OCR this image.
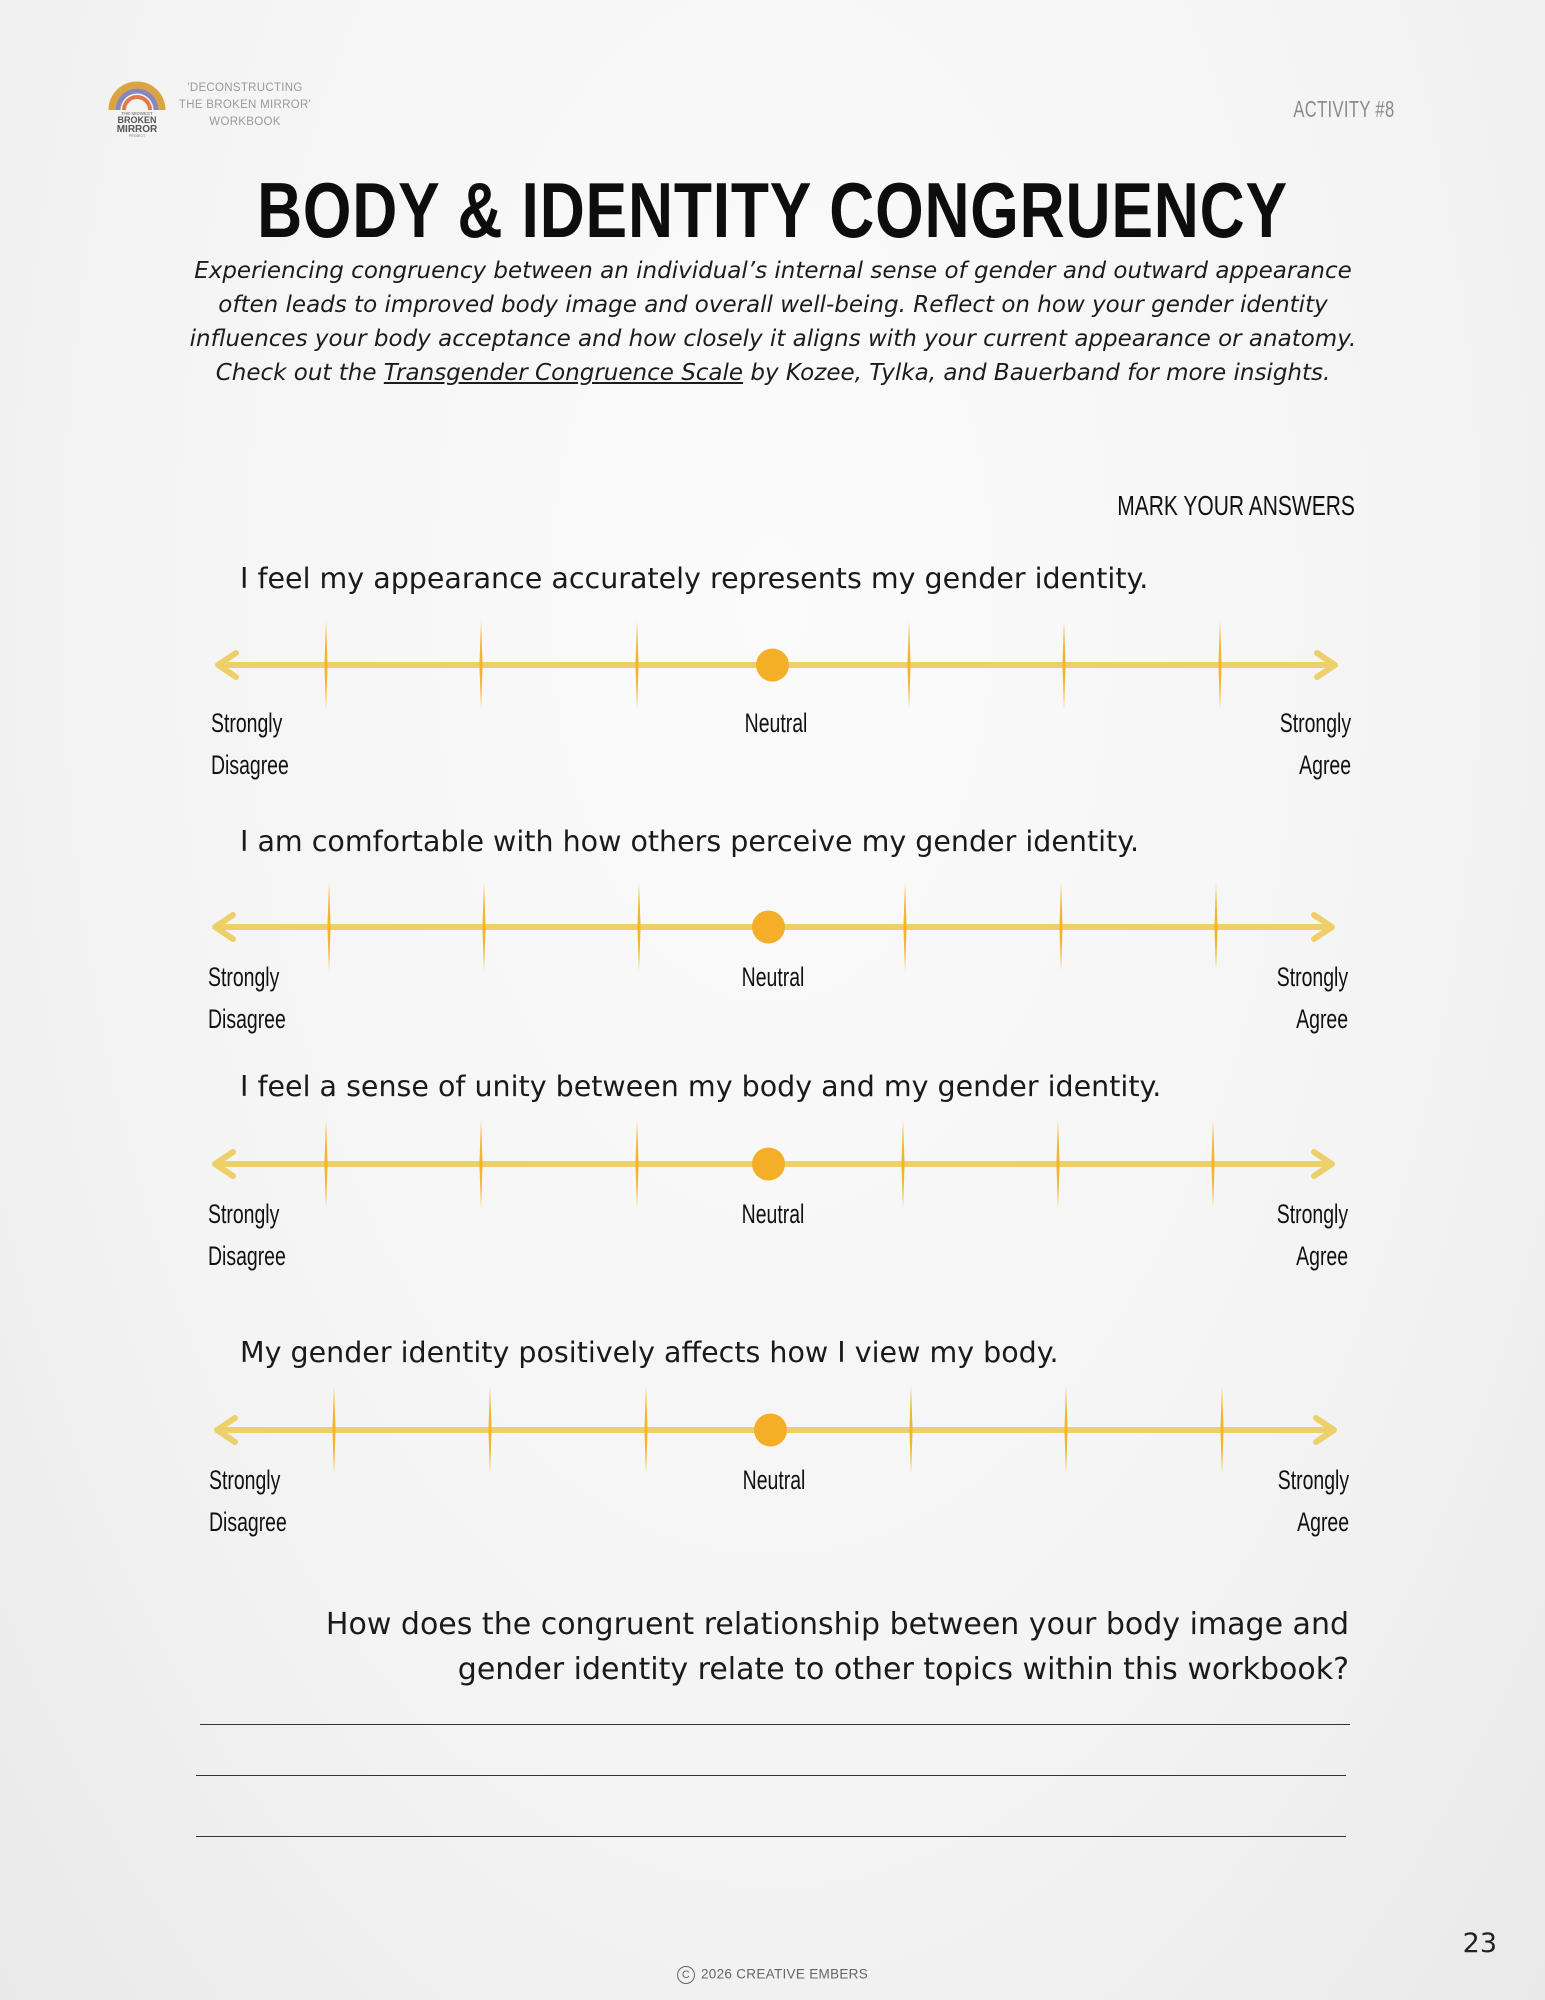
THE MIDWEST
BROKEN
MIRROR
PROJECT
'DECONSTRUCTING
THE BROKEN MIRROR'
WORKBOOK	ACTIVITY #8
BODY & IDENTITY CONGRUENCY
Experiencing congruency between an individual’s internal sense of gender and outward appearance often leads to improved body image and overall well-being. Reflect on how your gender identity influences your body acceptance and how closely it aligns with your current appearance or anatomy. Check out the Transgender Congruence Scale by Kozee, Tylka, and Bauerband for more insights.
MARK YOUR ANSWERS
I feel my appearance accurately represents my gender identity.
I am comfortable with how others perceive my gender identity.
I feel a sense of unity between my body and my gender identity.
My gender identity positively affects how I view my body.
Strongly
Disagree
Neutral	Strongly
Agree
Strongly
Disagree
Neutral	Strongly
Agree
Strongly
Disagree
Neutral	Strongly
Agree
Strongly
Disagree
Neutral	Strongly
Agree
How does the congruent relationship between your body image and
gender identity relate to other topics within this workbook?
23
C 2026 CREATIVE EMBERS
